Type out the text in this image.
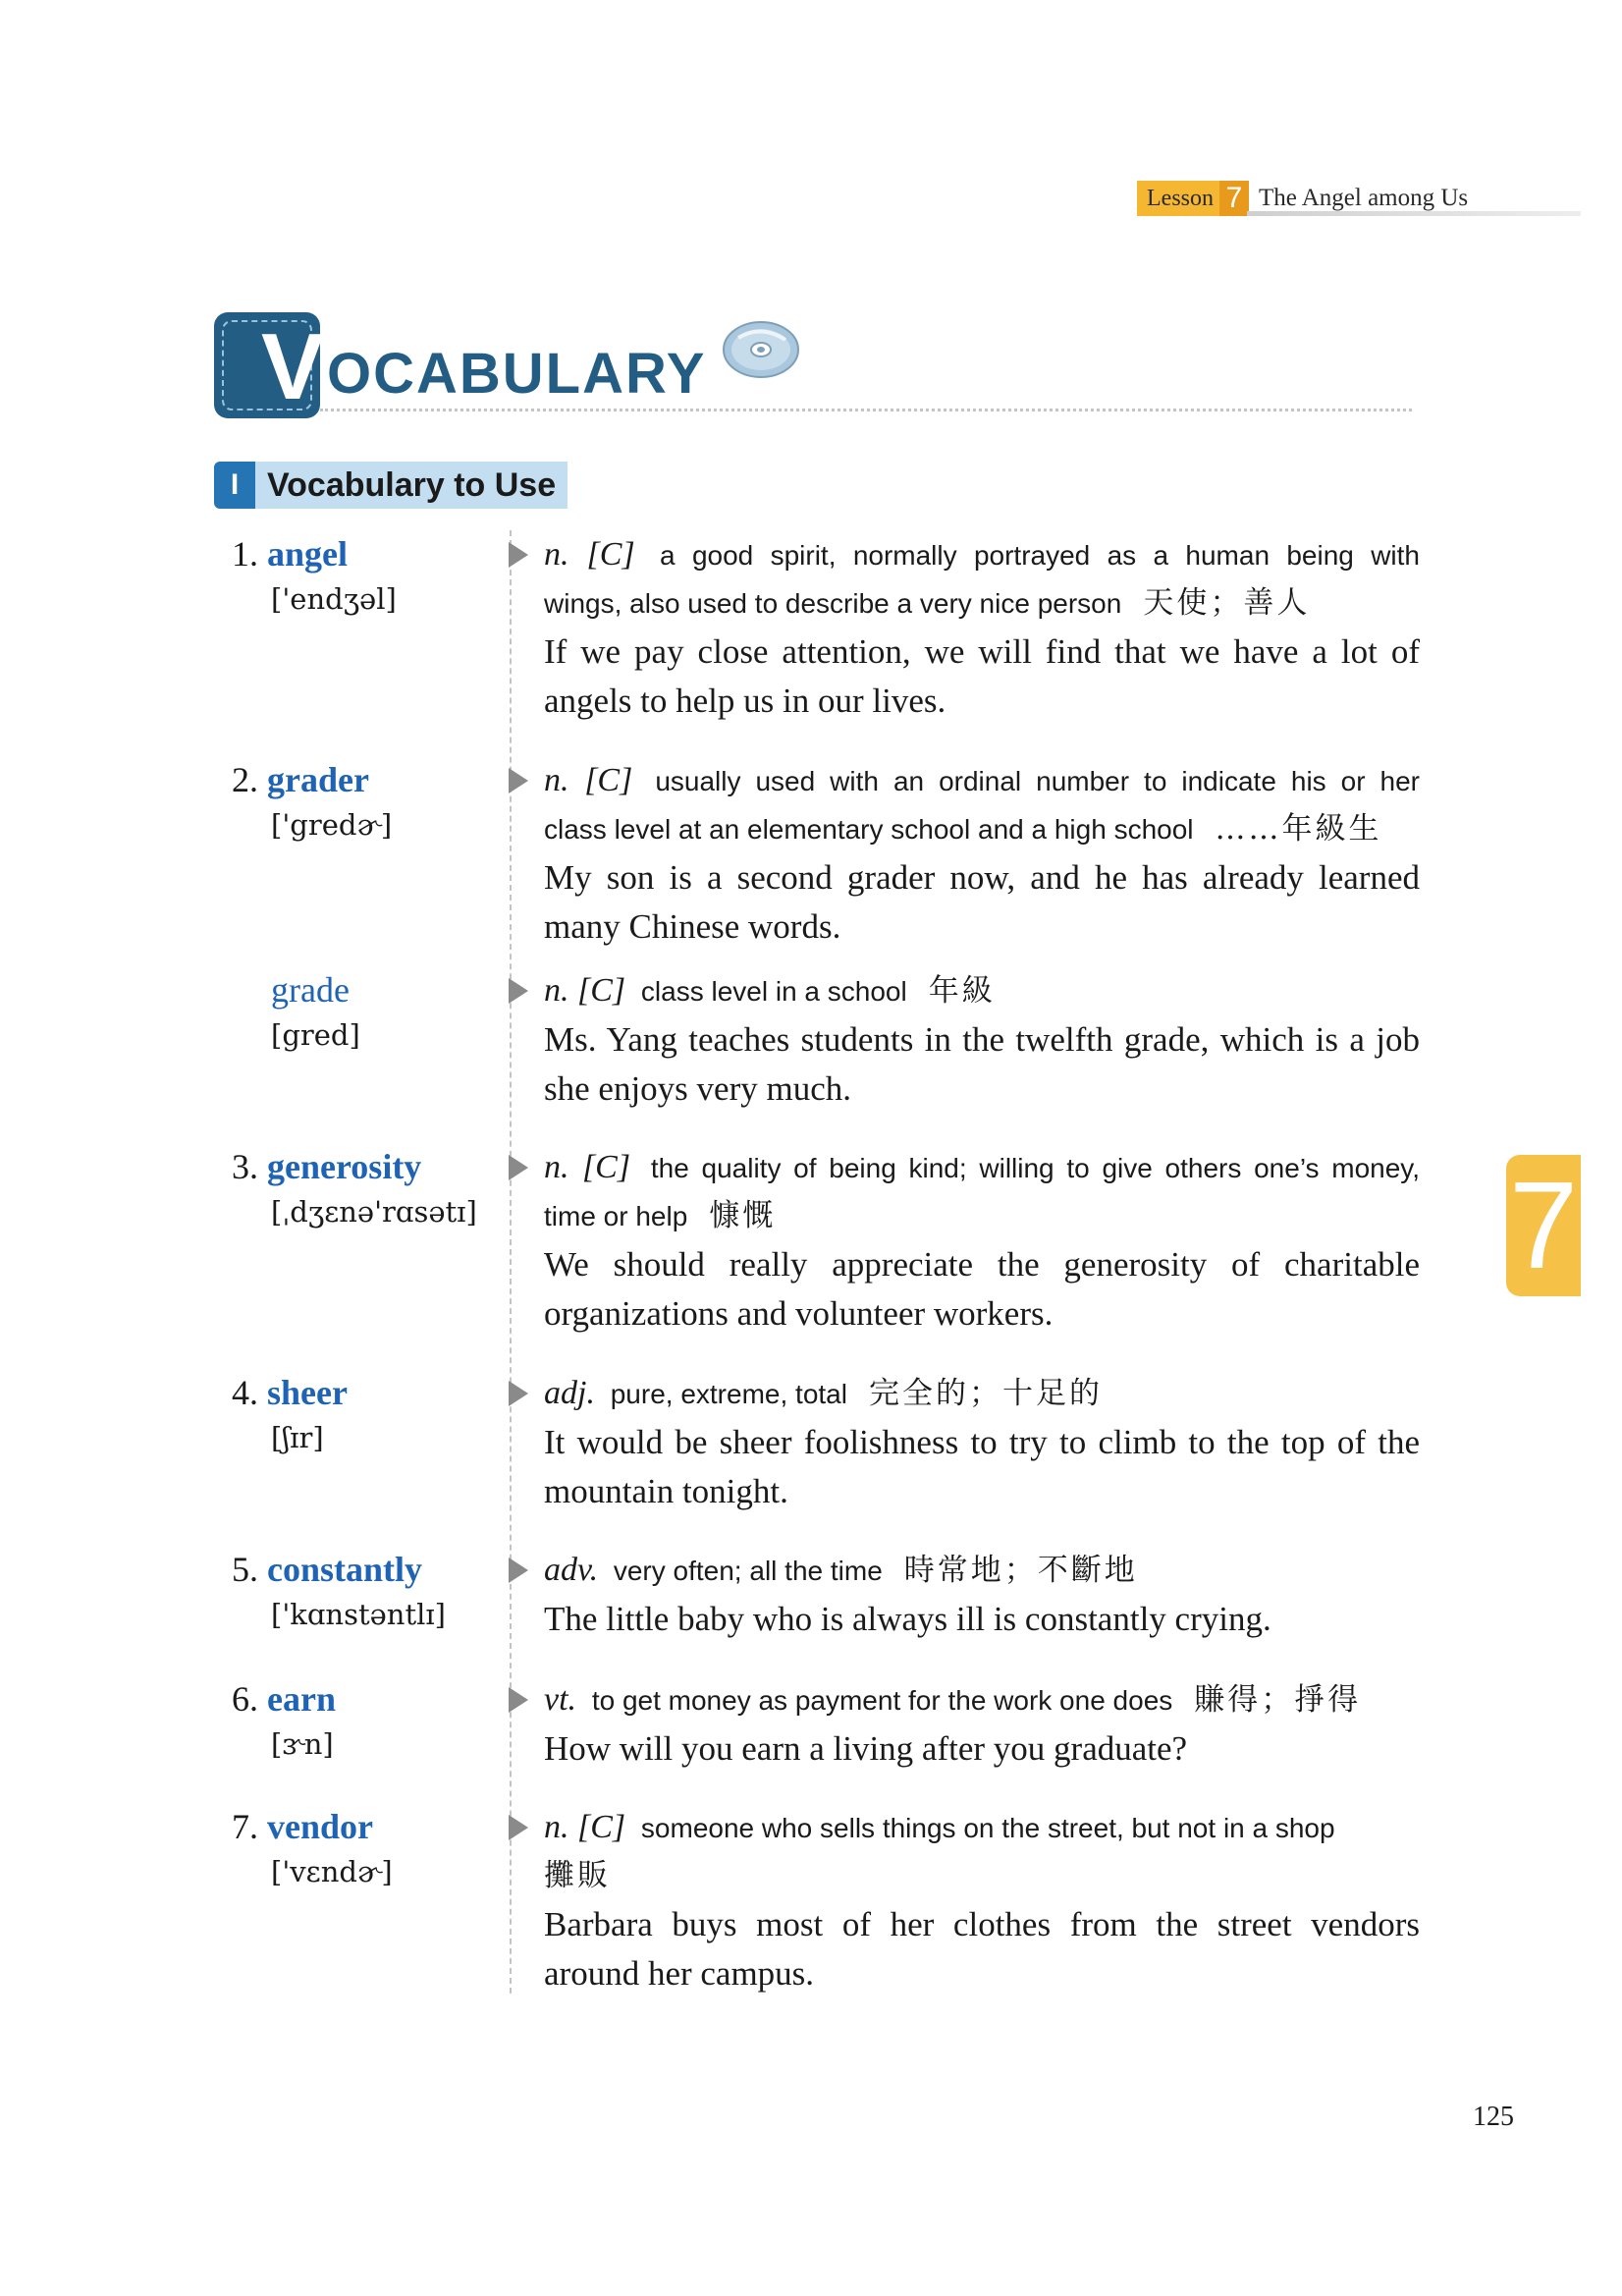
Lesson 7 The Angel among Us
V OCABULARY
I Vocabulary to Use
1. angel
['endʒəl]
n. [C] a good spirit, normally portrayed as a human being with
wings, also used to describe a very nice person 天使；善人
If we pay close attention, we will find that we have a lot of angels to help us in our lives.
2. grader
['gredɚ]
n. [C] usually used with an ordinal number to indicate his or her
class level at an elementary school and a high school ……年級生
My son is a second grader now, and he has already learned many Chinese words.
grade
[gred]
n. [C] class level in a school 年級
Ms. Yang teaches students in the twelfth grade, which is a job she enjoys very much.
3. generosity
[ˌdʒɛnə'rɑsətɪ]
n. [C] the quality of being kind; willing to give others one’s money,
time or help 慷慨
We should really appreciate the generosity of charitable organizations and volunteer workers.
4. sheer
[ʃɪr]
adj. pure, extreme, total 完全的；十足的
It would be sheer foolishness to try to climb to the top of the mountain tonight.
5. constantly
['kɑnstəntlɪ]
adv. very often; all the time 時常地；不斷地
The little baby who is always ill is constantly crying.
6. earn
[ɝn]
vt. to get money as payment for the work one does 賺得；掙得
How will you earn a living after you graduate?
7. vendor
['vɛndɚ]
n. [C] someone who sells things on the street, but not in a shop
攤販
Barbara buys most of her clothes from the street vendors around her campus.
7
125
